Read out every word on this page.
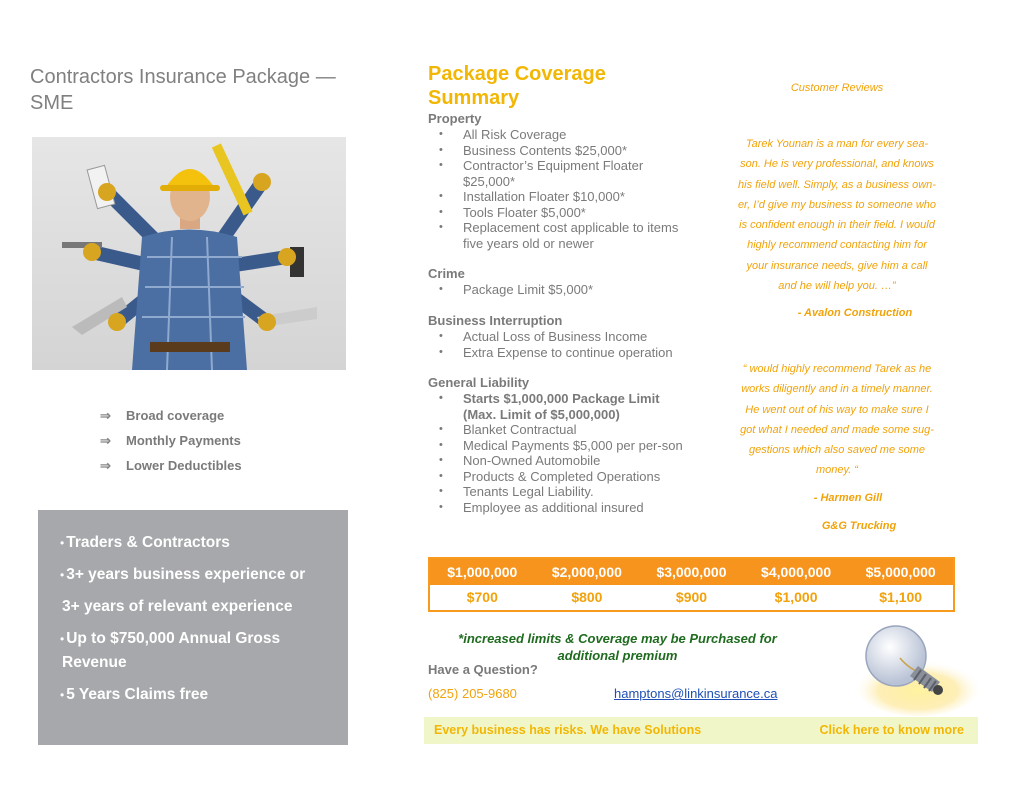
Contractors Insurance Package — SME
⇒	Broad coverage
⇒	Monthly Payments
⇒	Lower Deductibles
• Traders & Contractors
• 3+ years business experience or
3+ years of relevant experience
• Up to $750,000 Annual Gross
Revenue
• 5 Years Claims free
Package Coverage Summary
Property
• All Risk Coverage
• Business Contents $25,000*
• Contractor’s Equipment Floater $25,000*
• Installation Floater $10,000*
• Tools Floater $5,000*
• Replacement cost applicable to items five years old or newer
Crime
• Package Limit $5,000*
Business Interruption
• Actual Loss of Business Income
• Extra Expense to continue operation
General Liability
• Starts $1,000,000 Package Limit (Max. Limit of $5,000,000)
• Blanket Contractual
• Medical Payments $5,000 per per-son
• Non-Owned Automobile
• Products & Completed Operations
• Tenants Legal Liability.
• Employee as additional insured
$1,000,000	$2,000,000	$3,000,000	$4,000,000	$5,000,000
$700	$800	$900	$1,000	$1,100
*increased limits & Coverage may be Purchased for additional premium
Have a Question?
(825) 205-9680	hamptons@linkinsurance.ca
Every business has risks. We have Solutions	Click here to know more
Customer Reviews
Tarek Younan is a man for every sea-
son. He is very professional, and knows
his field well. Simply, as a business own-
er, I’d give my business to someone who
is confident enough in their field. I would
highly recommend contacting him for
your insurance needs, give him a call
and he will help you. …”
- Avalon Construction
“ would highly recommend Tarek as he
works diligently and in a timely manner.
He went out of his way to make sure I
got what I needed and made some sug-
gestions which also saved me some
money. “
- Harmen Gill
G&G Trucking
